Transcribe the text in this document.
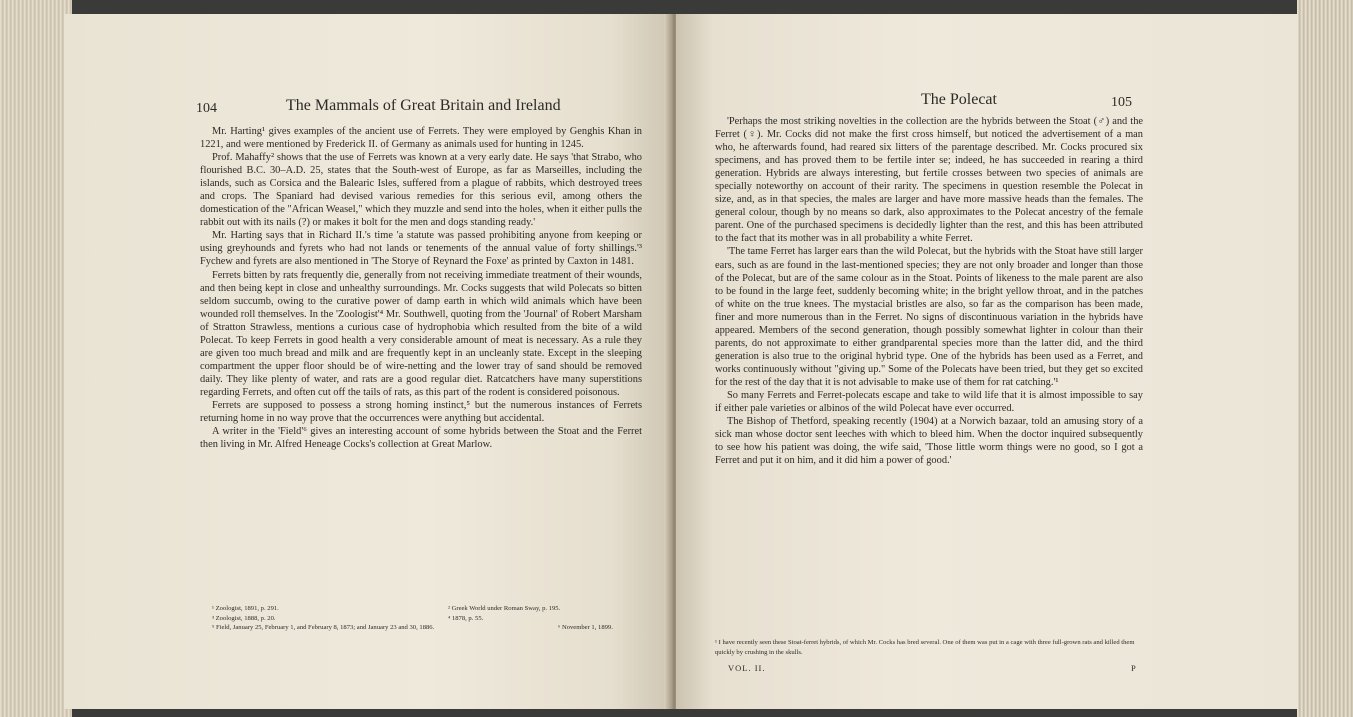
104	The Mammals of Great Britain and Ireland

Mr. Harting¹ gives examples of the ancient use of Ferrets. They were employed by Genghis Khan in 1221, and were mentioned by Frederick II. of Germany as animals used for hunting in 1245.

Prof. Mahaffy² shows that the use of Ferrets was known at a very early date. He says 'that Strabo, who flourished B.C. 30–A.D. 25, states that the South-west of Europe, as far as Marseilles, including the islands, such as Corsica and the Balearic Isles, suffered from a plague of rabbits, which destroyed trees and crops. The Spaniard had devised various remedies for this serious evil, among others the domestication of the "African Weasel," which they muzzle and send into the holes, when it either pulls the rabbit out with its nails (?) or makes it bolt for the men and dogs standing ready.'

Mr. Harting says that in Richard II.'s time 'a statute was passed prohibiting anyone from keeping or using greyhounds and fyrets who had not lands or tenements of the annual value of forty shillings.'³ Fychew and fyrets are also mentioned in 'The Storye of Reynard the Foxe' as printed by Caxton in 1481.

Ferrets bitten by rats frequently die, generally from not receiving immediate treatment of their wounds, and then being kept in close and unhealthy surroundings. Mr. Cocks suggests that wild Polecats so bitten seldom succumb, owing to the curative power of damp earth in which wild animals which have been wounded roll themselves. In the 'Zoologist'⁴ Mr. Southwell, quoting from the 'Journal' of Robert Marsham of Stratton Strawless, mentions a curious case of hydrophobia which resulted from the bite of a wild Polecat. To keep Ferrets in good health a very considerable amount of meat is necessary. As a rule they are given too much bread and milk and are frequently kept in an uncleanly state. Except in the sleeping compartment the upper floor should be of wire-netting and the lower tray of sand should be removed daily. They like plenty of water, and rats are a good regular diet. Ratcatchers have many superstitions regarding Ferrets, and often cut off the tails of rats, as this part of the rodent is considered poisonous.

Ferrets are supposed to possess a strong homing instinct,⁵ but the numerous instances of Ferrets returning home in no way prove that the occurrences were anything but accidental.

A writer in the 'Field'⁶ gives an interesting account of some hybrids between the Stoat and the Ferret then living in Mr. Alfred Heneage Cocks's collection at Great Marlow.

¹ Zoologist, 1891, p. 291.	² Greek World under Roman Sway, p. 195.
³ Zoologist, 1888, p. 20.	⁴ 1878, p. 55.
⁵ Field, January 25, February 1, and February 8, 1873; and January 23 and 30, 1886.	⁶ November 1, 1899.
The Polecat	105

'Perhaps the most striking novelties in the collection are the hybrids between the Stoat (♂) and the Ferret (♀). Mr. Cocks did not make the first cross himself, but noticed the advertisement of a man who, he afterwards found, had reared six litters of the parentage described. Mr. Cocks procured six specimens, and has proved them to be fertile inter se; indeed, he has succeeded in rearing a third generation. Hybrids are always interesting, but fertile crosses between two species of animals are specially noteworthy on account of their rarity. The specimens in question resemble the Polecat in size, and, as in that species, the males are larger and have more massive heads than the females. The general colour, though by no means so dark, also approximates to the Polecat ancestry of the female parent. One of the purchased specimens is decidedly lighter than the rest, and this has been attributed to the fact that its mother was in all probability a white Ferret.

'The tame Ferret has larger ears than the wild Polecat, but the hybrids with the Stoat have still larger ears, such as are found in the last-mentioned species; they are not only broader and longer than those of the Polecat, but are of the same colour as in the Stoat. Points of likeness to the male parent are also to be found in the large feet, suddenly becoming white; in the bright yellow throat, and in the patches of white on the true knees. The mystacial bristles are also, so far as the comparison has been made, finer and more numerous than in the Ferret. No signs of discontinuous variation in the hybrids have appeared. Members of the second generation, though possibly somewhat lighter in colour than their parents, do not approximate to either grandparental species more than the latter did, and the third generation is also true to the original hybrid type. One of the hybrids has been used as a Ferret, and works continuously without "giving up." Some of the Polecats have been tried, but they get so excited for the rest of the day that it is not advisable to make use of them for rat catching.'¹

So many Ferrets and Ferret-polecats escape and take to wild life that it is almost impossible to say if either pale varieties or albinos of the wild Polecat have ever occurred.

The Bishop of Thetford, speaking recently (1904) at a Norwich bazaar, told an amusing story of a sick man whose doctor sent leeches with which to bleed him. When the doctor inquired subsequently to see how his patient was doing, the wife said, 'Those little worm things were no good, so I got a Ferret and put it on him, and it did him a power of good.'

¹ I have recently seen these Stoat-ferret hybrids, of which Mr. Cocks has bred several. One of them was put in a cage with three full-grown rats and killed them quickly by crushing in the skulls.
VOL. II.	P
